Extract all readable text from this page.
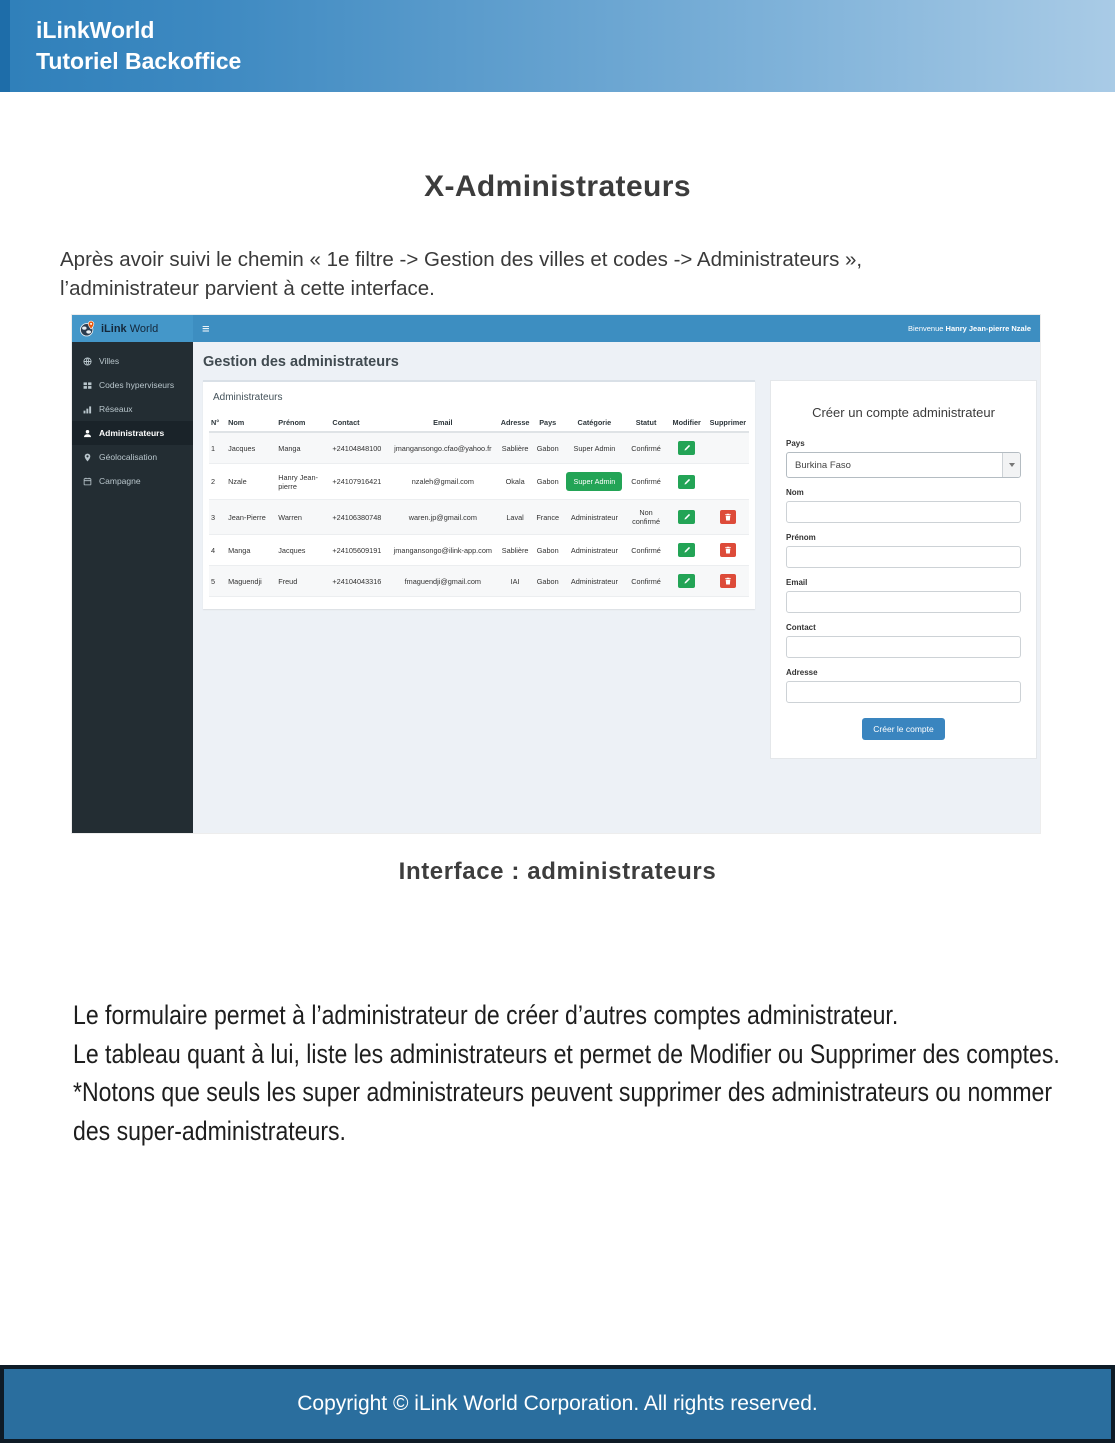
iLinkWorld
Tutoriel Backoffice
X-Administrateurs
Après avoir suivi le chemin « 1e filtre -> Gestion des villes et codes -> Administrateurs »,
l’administrateur parvient à cette interface.
iLink World	≡	Bienvenue Hanry Jean-pierre Nzale
Villes
Codes hyperviseurs
Réseaux
Administrateurs
Géolocalisation
Campagne
Gestion des administrateurs
Administrateurs
N°	Nom	Prénom	Contact	Email	Adresse	Pays	Catégorie	Statut	Modifier	Supprimer
1	Jacques	Manga	+24104848100	jmangansongo.cfao@yahoo.fr	Sablière	Gabon	Super Admin	Confirmé	

2	Nzale	Hanry Jean-pierre	+24107916421	nzaleh@gmail.com	Okala	Gabon	Super Admin	Confirmé	

3	Jean-Pierre	Warren	+24106380748	waren.jp@gmail.com	Laval	France	Administrateur	Non confirmé	

4	Manga	Jacques	+24105609191	jmangansongo@ilink-app.com	Sablière	Gabon	Administrateur	Confirmé	

5	Maguendji	Freud	+24104043316	fmaguendji@gmail.com	IAI	Gabon	Administrateur	Confirmé	

Créer un compte administrateur
Pays
Burkina Faso
Nom
Prénom
Email
Contact
Adresse
Créer le compte
Interface : administrateurs
Le formulaire permet à l’administrateur de créer d’autres comptes administrateur.
Le tableau quant à lui, liste les administrateurs et permet de Modifier ou Supprimer des comptes.
*Notons que seuls les super administrateurs peuvent supprimer des administrateurs ou nommer
des super-administrateurs.
Copyright © iLink World Corporation. All rights reserved.
